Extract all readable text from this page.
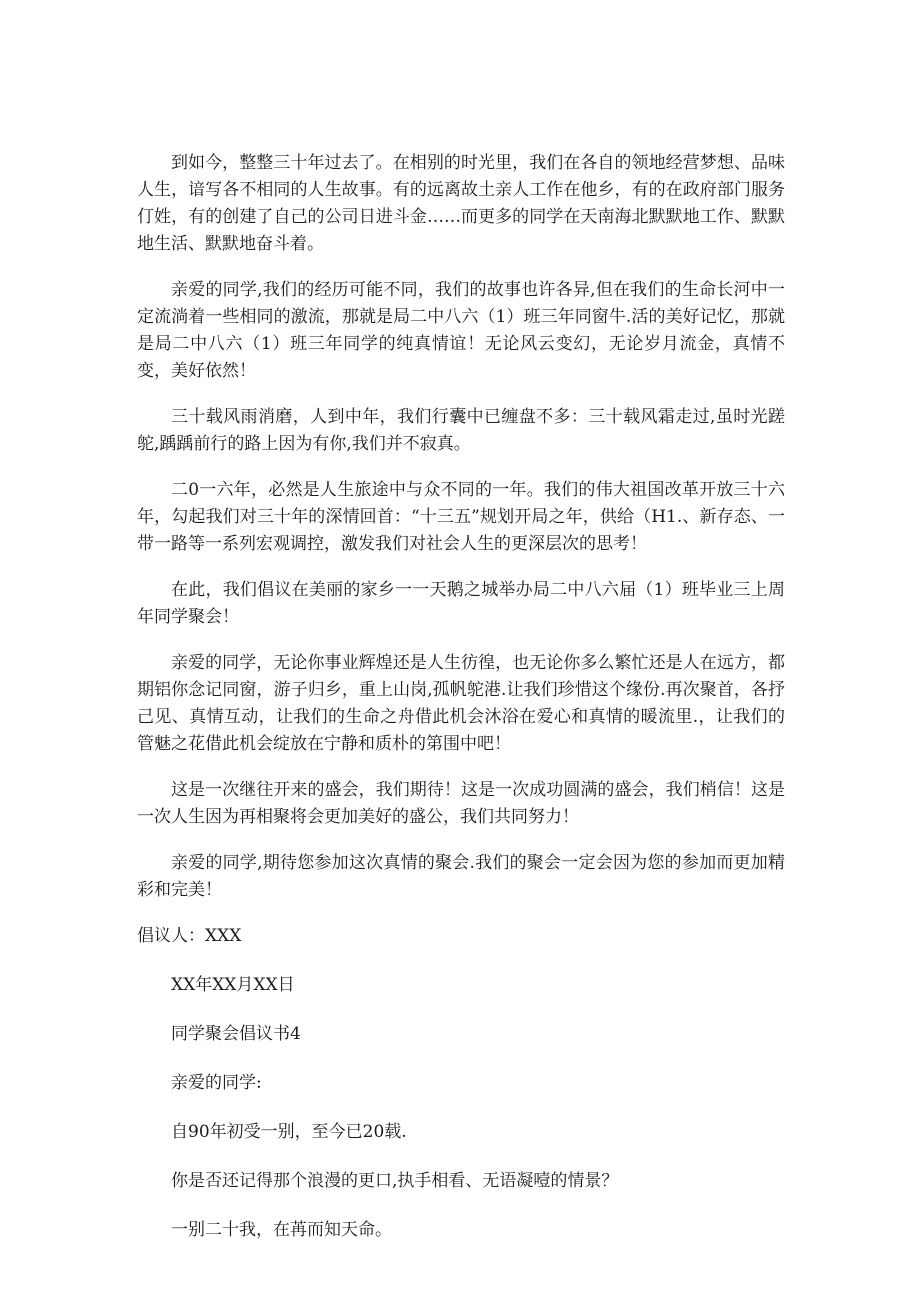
到如今，整整三十年过去了。在相别的时光里，我们在各自的领地经营梦想、品味人生，谙写各不相同的人生故事。有的远离故土亲人工作在他乡，有的在政府部门服务仃姓，有的创建了自己的公司日进斗金……而更多的同学在天南海北默默地工作、默默地生活、默默地奋斗着。

亲爱的同学,我们的经历可能不同，我们的故事也许各异,但在我们的生命长河中一定流淌着一些相同的激流，那就是局二中八六（1）班三年同窗牛.活的美好记忆，那就是局二中八六（1）班三年同学的纯真情谊！无论风云变幻，无论岁月流金，真情不变，美好依然！

三十载风雨消磨，人到中年，我们行囊中已缠盘不多：三十载风霜走过,虽时光蹉鸵,踽踽前行的路上因为有你,我们并不寂真。

二0一六年，必然是人生旅途中与众不同的一年。我们的伟大祖国改革开放三十六年，勾起我们对三十年的深情回首：“十三五”规划开局之年，供给（H1.、新存态、一带一路等一系列宏观调控，激发我们对社会人生的更深层次的思考！

在此，我们倡议在美丽的家乡一一天鹅之城举办局二中八六届（1）班毕业三上周年同学聚会！

亲爱的同学，无论你事业辉煌还是人生彷徨，也无论你多么繁忙还是人在远方，都期铝你念记同窗，游子归乡，重上山岗,孤帆鸵港.让我们珍惜这个缘份.再次聚首，各抒己见、真情互动，让我们的生命之舟借此机会沐浴在爱心和真情的暖流里.，让我们的管魅之花借此机会绽放在宁静和质朴的第围中吧！

这是一次继往开来的盛会，我们期待！这是一次成功圆满的盛会，我们梢信！这是一次人生因为再相聚将会更加美好的盛公，我们共同努力！

亲爱的同学,期待您参加这次真情的聚会.我们的聚会一定会因为您的参加而更加精彩和完美！

倡议人：XXX
XX年XX月XX日
同学聚会倡议书4
亲爱的同学:
自90年初受一别，至今已20载.
你是否还记得那个浪漫的更口,执手相看、无语凝噎的情景？
一别二十我，在苒而知天命。
